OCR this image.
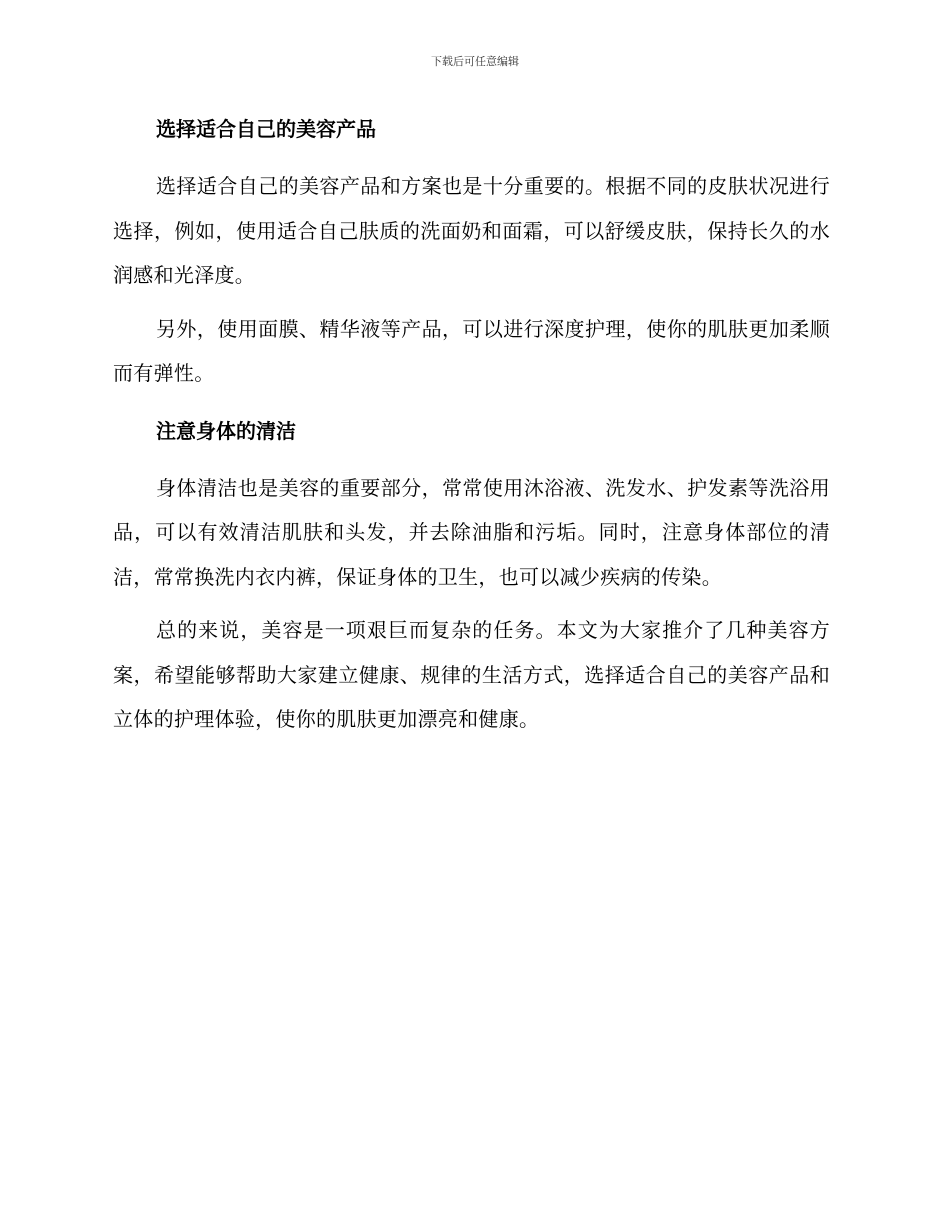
下载后可任意编辑
选择适合自己的美容产品

选择适合自己的美容产品和方案也是十分重要的。根据不同的皮肤状况进行选择，例如，使用适合自己肤质的洗面奶和面霜，可以舒缓皮肤，保持长久的水润感和光泽度。

另外，使用面膜、精华液等产品，可以进行深度护理，使你的肌肤更加柔顺而有弹性。

注意身体的清洁

身体清洁也是美容的重要部分，常常使用沐浴液、洗发水、护发素等洗浴用品，可以有效清洁肌肤和头发，并去除油脂和污垢。同时，注意身体部位的清洁，常常换洗内衣内裤，保证身体的卫生，也可以减少疾病的传染。

总的来说，美容是一项艰巨而复杂的任务。本文为大家推介了几种美容方案，希望能够帮助大家建立健康、规律的生活方式，选择适合自己的美容产品和立体的护理体验，使你的肌肤更加漂亮和健康。
